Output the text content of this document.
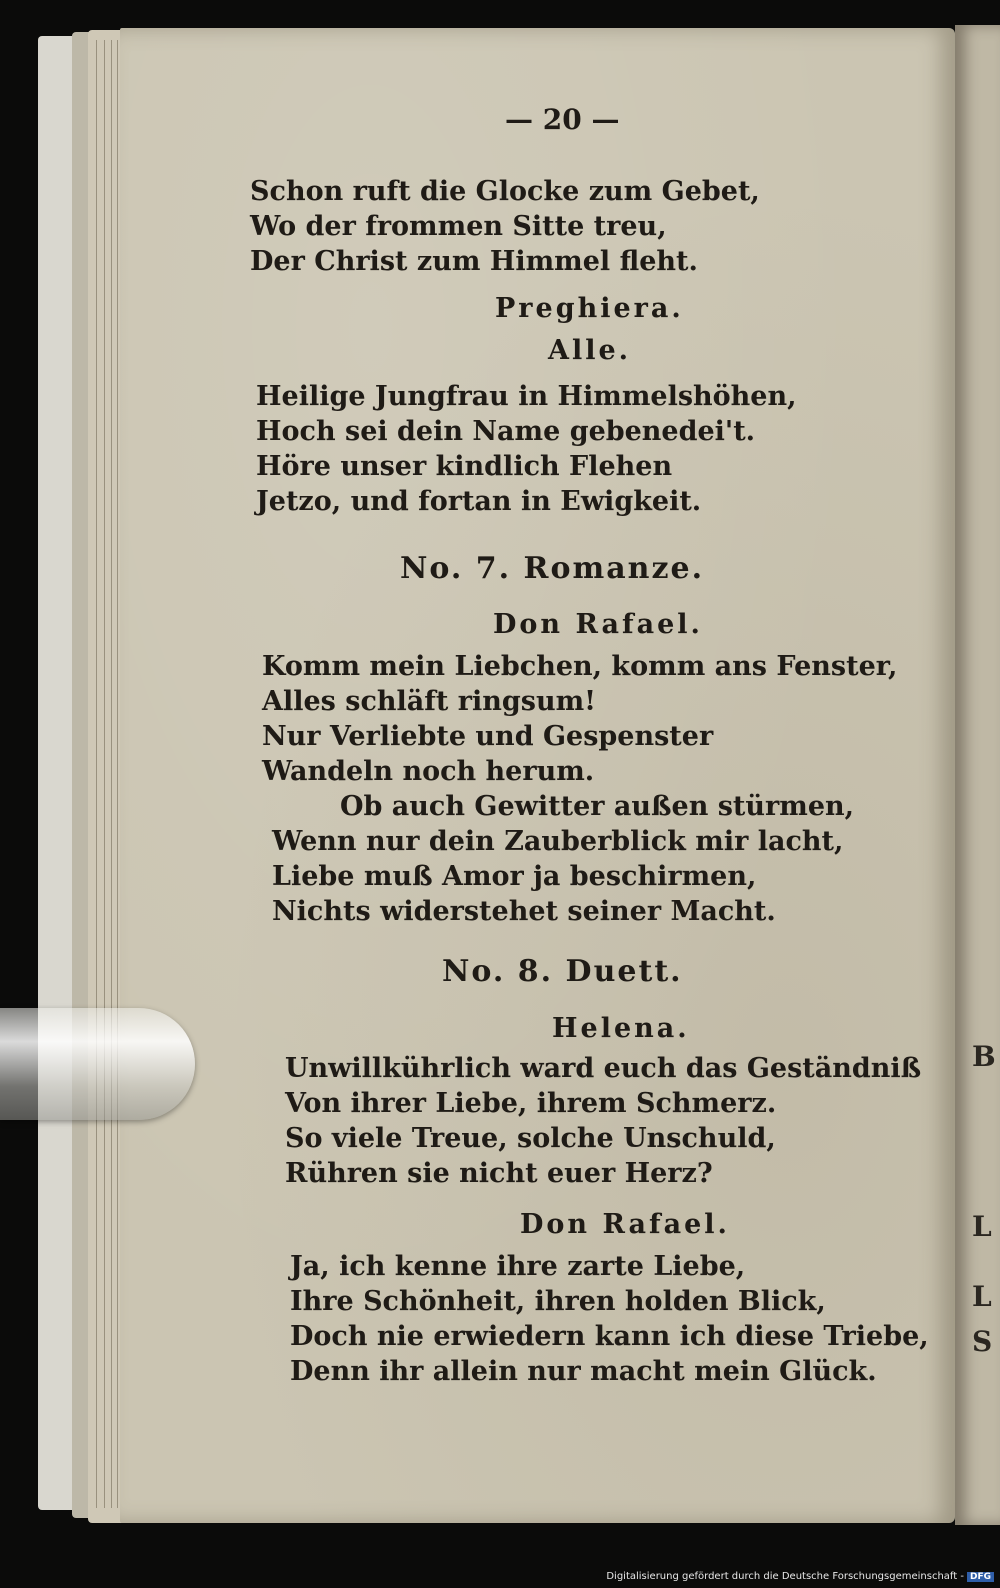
B
L
L
S
— 20 —
Schon ruft die Glocke zum Gebet,
Wo der frommen Sitte treu,
Der Christ zum Himmel fleht.
Preghiera.
Alle.
Heilige Jungfrau in Himmelshöhen,
Hoch sei dein Name gebenedei't.
Höre unser kindlich Flehen
Jetzo, und fortan in Ewigkeit.
No. 7. Romanze.
Don Rafael.
Komm mein Liebchen, komm ans Fenster,
Alles schläft ringsum!
Nur Verliebte und Gespenster
Wandeln noch herum.
Ob auch Gewitter außen stürmen,
Wenn nur dein Zauberblick mir lacht,
Liebe muß Amor ja beschirmen,
Nichts widerstehet seiner Macht.
No. 8. Duett.
Helena.
Unwillkührlich ward euch das Geständniß
Von ihrer Liebe, ihrem Schmerz.
So viele Treue, solche Unschuld,
Rühren sie nicht euer Herz?
Don Rafael.
Ja, ich kenne ihre zarte Liebe,
Ihre Schönheit, ihren holden Blick,
Doch nie erwiedern kann ich diese Triebe,
Denn ihr allein nur macht mein Glück.
Digitalisierung gefördert durch die Deutsche Forschungsgemeinschaft - DFG
